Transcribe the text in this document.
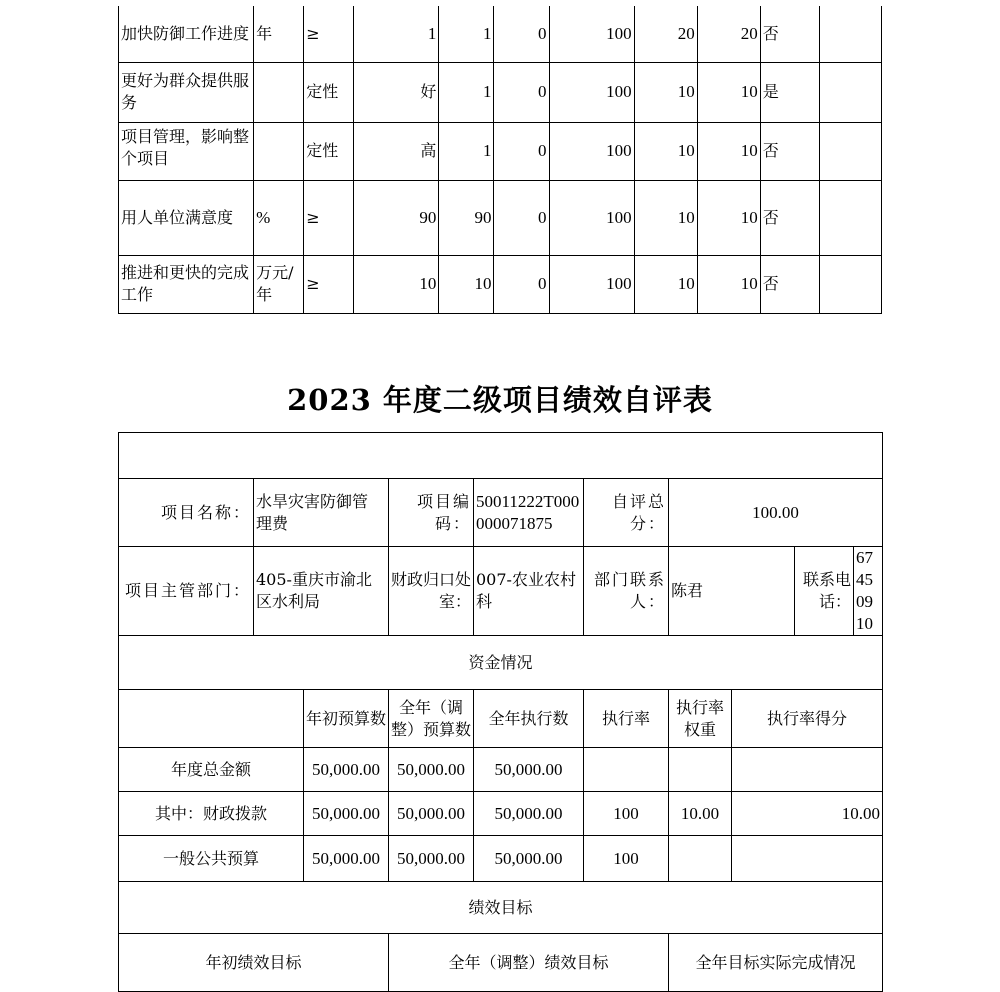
加快防御工作进度	年	≥	1	1	0	100	20	20	否	
更好为群众提供服务		定性	好	1	0	100	10	10	是	
项目管理，影响整个项目		定性	高	1	0	100	10	10	否	
用人单位满意度	%	≥	90	90	0	100	10	10	否	
推进和更快的完成工作	万元/年	≥	10	10	0	100	10	10	否	
2023 年度二级项目绩效自评表

项目名称：	水旱灾害防御管理费		项目编码：	50011222T000000071875	自评总分：	100.00			
项目主管部门：	405-重庆市渝北区水利局		财政归口处室：	007-农业农村科	部门联系人：	陈君		联系电话：	67450910
资金情况									
		年初预算数	全年（调整）预算数	全年执行数	执行率	执行率权重	执行率得分		
年度总金额		50,000.00	50,000.00	50,000.00					
其中：财政拨款		50,000.00	50,000.00	50,000.00	100	10.00	10.00		
一般公共预算		50,000.00	50,000.00	50,000.00	100				
绩效目标									
年初绩效目标			全年（调整）绩效目标			全年目标实际完成情况			
